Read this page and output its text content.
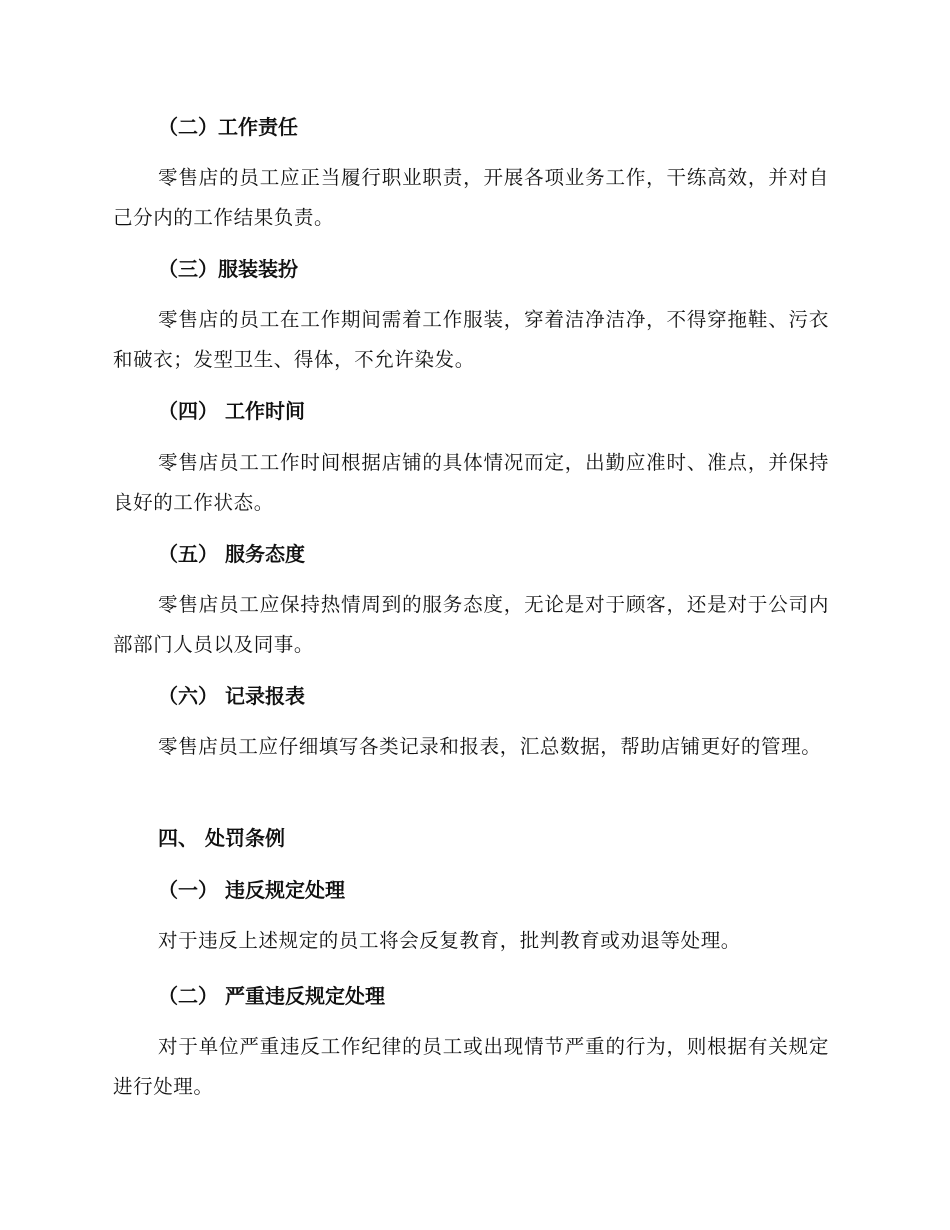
（二）工作责任
零售店的员工应正当履行职业职责，开展各项业务工作，干练高效，并对自己分内的工作结果负责。
（三）服装装扮
零售店的员工在工作期间需着工作服装，穿着洁净洁净，不得穿拖鞋、污衣和破衣；发型卫生、得体，不允许染发。
（四） 工作时间
零售店员工工作时间根据店铺的具体情况而定，出勤应准时、准点，并保持良好的工作状态。
（五） 服务态度
零售店员工应保持热情周到的服务态度，无论是对于顾客，还是对于公司内部部门人员以及同事。
（六） 记录报表
零售店员工应仔细填写各类记录和报表，汇总数据，帮助店铺更好的管理。
四、 处罚条例
（一） 违反规定处理
对于违反上述规定的员工将会反复教育，批判教育或劝退等处理。
（二） 严重违反规定处理
对于单位严重违反工作纪律的员工或出现情节严重的行为，则根据有关规定进行处理。
